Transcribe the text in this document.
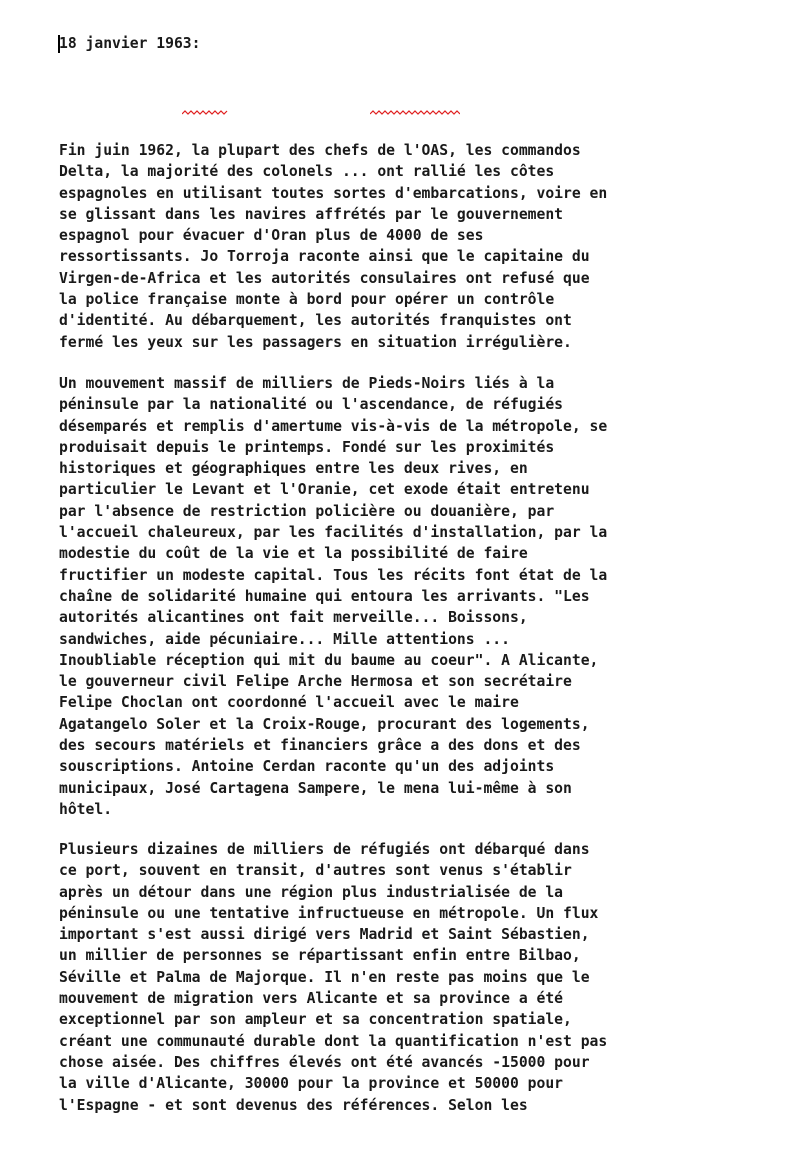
18 janvier 1963:

Fin juin 1962, la plupart des chefs de l'OAS, les commandos
Delta, la majorité des colonels ... ont rallié les côtes
espagnoles en utilisant toutes sortes d'embarcations, voire en
se glissant dans les navires affrétés par le gouvernement
espagnol pour évacuer d'Oran plus de 4000 de ses
ressortissants. Jo Torroja raconte ainsi que le capitaine du
Virgen-de-Africa et les autorités consulaires ont refusé que
la police française monte à bord pour opérer un contrôle
d'identité. Au débarquement, les autorités franquistes ont
fermé les yeux sur les passagers en situation irrégulière.

Un mouvement massif de milliers de Pieds-Noirs liés à la
péninsule par la nationalité ou l'ascendance, de réfugiés
désemparés et remplis d'amertume vis-à-vis de la métropole, se
produisait depuis le printemps. Fondé sur les proximités
historiques et géographiques entre les deux rives, en
particulier le Levant et l'Oranie, cet exode était entretenu
par l'absence de restriction policière ou douanière, par
l'accueil chaleureux, par les facilités d'installation, par la
modestie du coût de la vie et la possibilité de faire
fructifier un modeste capital. Tous les récits font état de la
chaîne de solidarité humaine qui entoura les arrivants. "Les
autorités alicantines ont fait merveille... Boissons,
sandwiches, aide pécuniaire... Mille attentions ...
Inoubliable réception qui mit du baume au coeur". A Alicante,
le gouverneur civil Felipe Arche Hermosa et son secrétaire
Felipe Choclan ont coordonné l'accueil avec le maire
Agatangelo Soler et la Croix-Rouge, procurant des logements,
des secours matériels et financiers grâce a des dons et des
souscriptions. Antoine Cerdan raconte qu'un des adjoints
municipaux, José Cartagena Sampere, le mena lui-même à son
hôtel.

Plusieurs dizaines de milliers de réfugiés ont débarqué dans
ce port, souvent en transit, d'autres sont venus s'établir
après un détour dans une région plus industrialisée de la
péninsule ou une tentative infructueuse en métropole. Un flux
important s'est aussi dirigé vers Madrid et Saint Sébastien,
un millier de personnes se répartissant enfin entre Bilbao,
Séville et Palma de Majorque. Il n'en reste pas moins que le
mouvement de migration vers Alicante et sa province a été
exceptionnel par son ampleur et sa concentration spatiale,
créant une communauté durable dont la quantification n'est pas
chose aisée. Des chiffres élevés ont été avancés -15000 pour
la ville d'Alicante, 30000 pour la province et 50000 pour
l'Espagne - et sont devenus des références. Selon les
